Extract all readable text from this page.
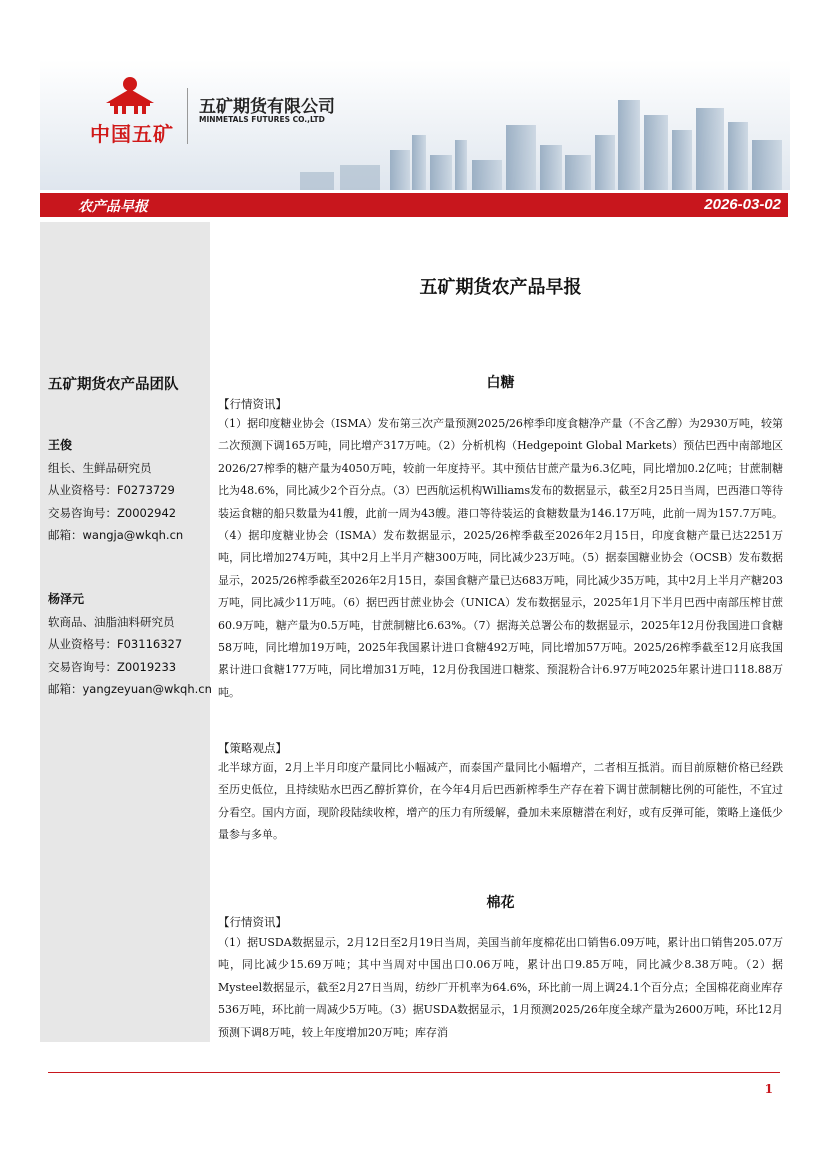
中国五矿
五矿期货有限公司
MINMETALS FUTURES CO.,LTD
农产品早报	2026-03-02
五矿期货农产品早报
五矿期货农产品团队
王俊
组长、生鲜品研究员
从业资格号：F0273729
交易咨询号：Z0002942
邮箱：wangja@wkqh.cn
杨泽元
软商品、油脂油料研究员
从业资格号：F03116327
交易咨询号：Z0019233
邮箱：yangzeyuan@wkqh.cn
白糖
【行情资讯】
（1）据印度糖业协会（ISMA）发布第三次产量预测2025/26榨季印度食糖净产量（不含乙醇）为2930万吨，较第二次预测下调165万吨，同比增产317万吨。（2）分析机构（Hedgepoint Global Markets）预估巴西中南部地区2026/27榨季的糖产量为4050万吨，较前一年度持平。其中预估甘蔗产量为6.3亿吨，同比增加0.2亿吨；甘蔗制糖比为48.6%，同比减少2个百分点。（3）巴西航运机构Williams发布的数据显示，截至2月25日当周，巴西港口等待装运食糖的船只数量为41艘，此前一周为43艘。港口等待装运的食糖数量为146.17万吨，此前一周为157.7万吨。（4）据印度糖业协会（ISMA）发布数据显示，2025/26榨季截至2026年2月15日，印度食糖产量已达2251万吨，同比增加274万吨，其中2月上半月产糖300万吨，同比减少23万吨。（5）据泰国糖业协会（OCSB）发布数据显示，2025/26榨季截至2026年2月15日，泰国食糖产量已达683万吨，同比减少35万吨，其中2月上半月产糖203万吨，同比减少11万吨。（6）据巴西甘蔗业协会（UNICA）发布数据显示，2025年1月下半月巴西中南部压榨甘蔗60.9万吨，糖产量为0.5万吨，甘蔗制糖比6.63%。（7）据海关总署公布的数据显示，2025年12月份我国进口食糖58万吨，同比增加19万吨，2025年我国累计进口食糖492万吨，同比增加57万吨。2025/26榨季截至12月底我国累计进口食糖177万吨，同比增加31万吨，12月份我国进口糖浆、预混粉合计6.97万吨2025年累计进口118.88万吨。
【策略观点】
北半球方面，2月上半月印度产量同比小幅减产，而泰国产量同比小幅增产，二者相互抵消。而目前原糖价格已经跌至历史低位，且持续贴水巴西乙醇折算价，在今年4月后巴西新榨季生产存在着下调甘蔗制糖比例的可能性，不宜过分看空。国内方面，现阶段陆续收榨，增产的压力有所缓解，叠加未来原糖潜在利好，或有反弹可能，策略上逢低少量参与多单。
棉花
【行情资讯】
（1）据USDA数据显示，2月12日至2月19日当周，美国当前年度棉花出口销售6.09万吨，累计出口销售205.07万吨，同比减少15.69万吨；其中当周对中国出口0.06万吨，累计出口9.85万吨，同比减少8.38万吨。（2）据Mysteel数据显示，截至2月27日当周，纺纱厂开机率为64.6%，环比前一周上调24.1个百分点；全国棉花商业库存536万吨，环比前一周减少5万吨。（3）据USDA数据显示，1月预测2025/26年度全球产量为2600万吨，环比12月预测下调8万吨，较上年度增加20万吨；库存消
1
